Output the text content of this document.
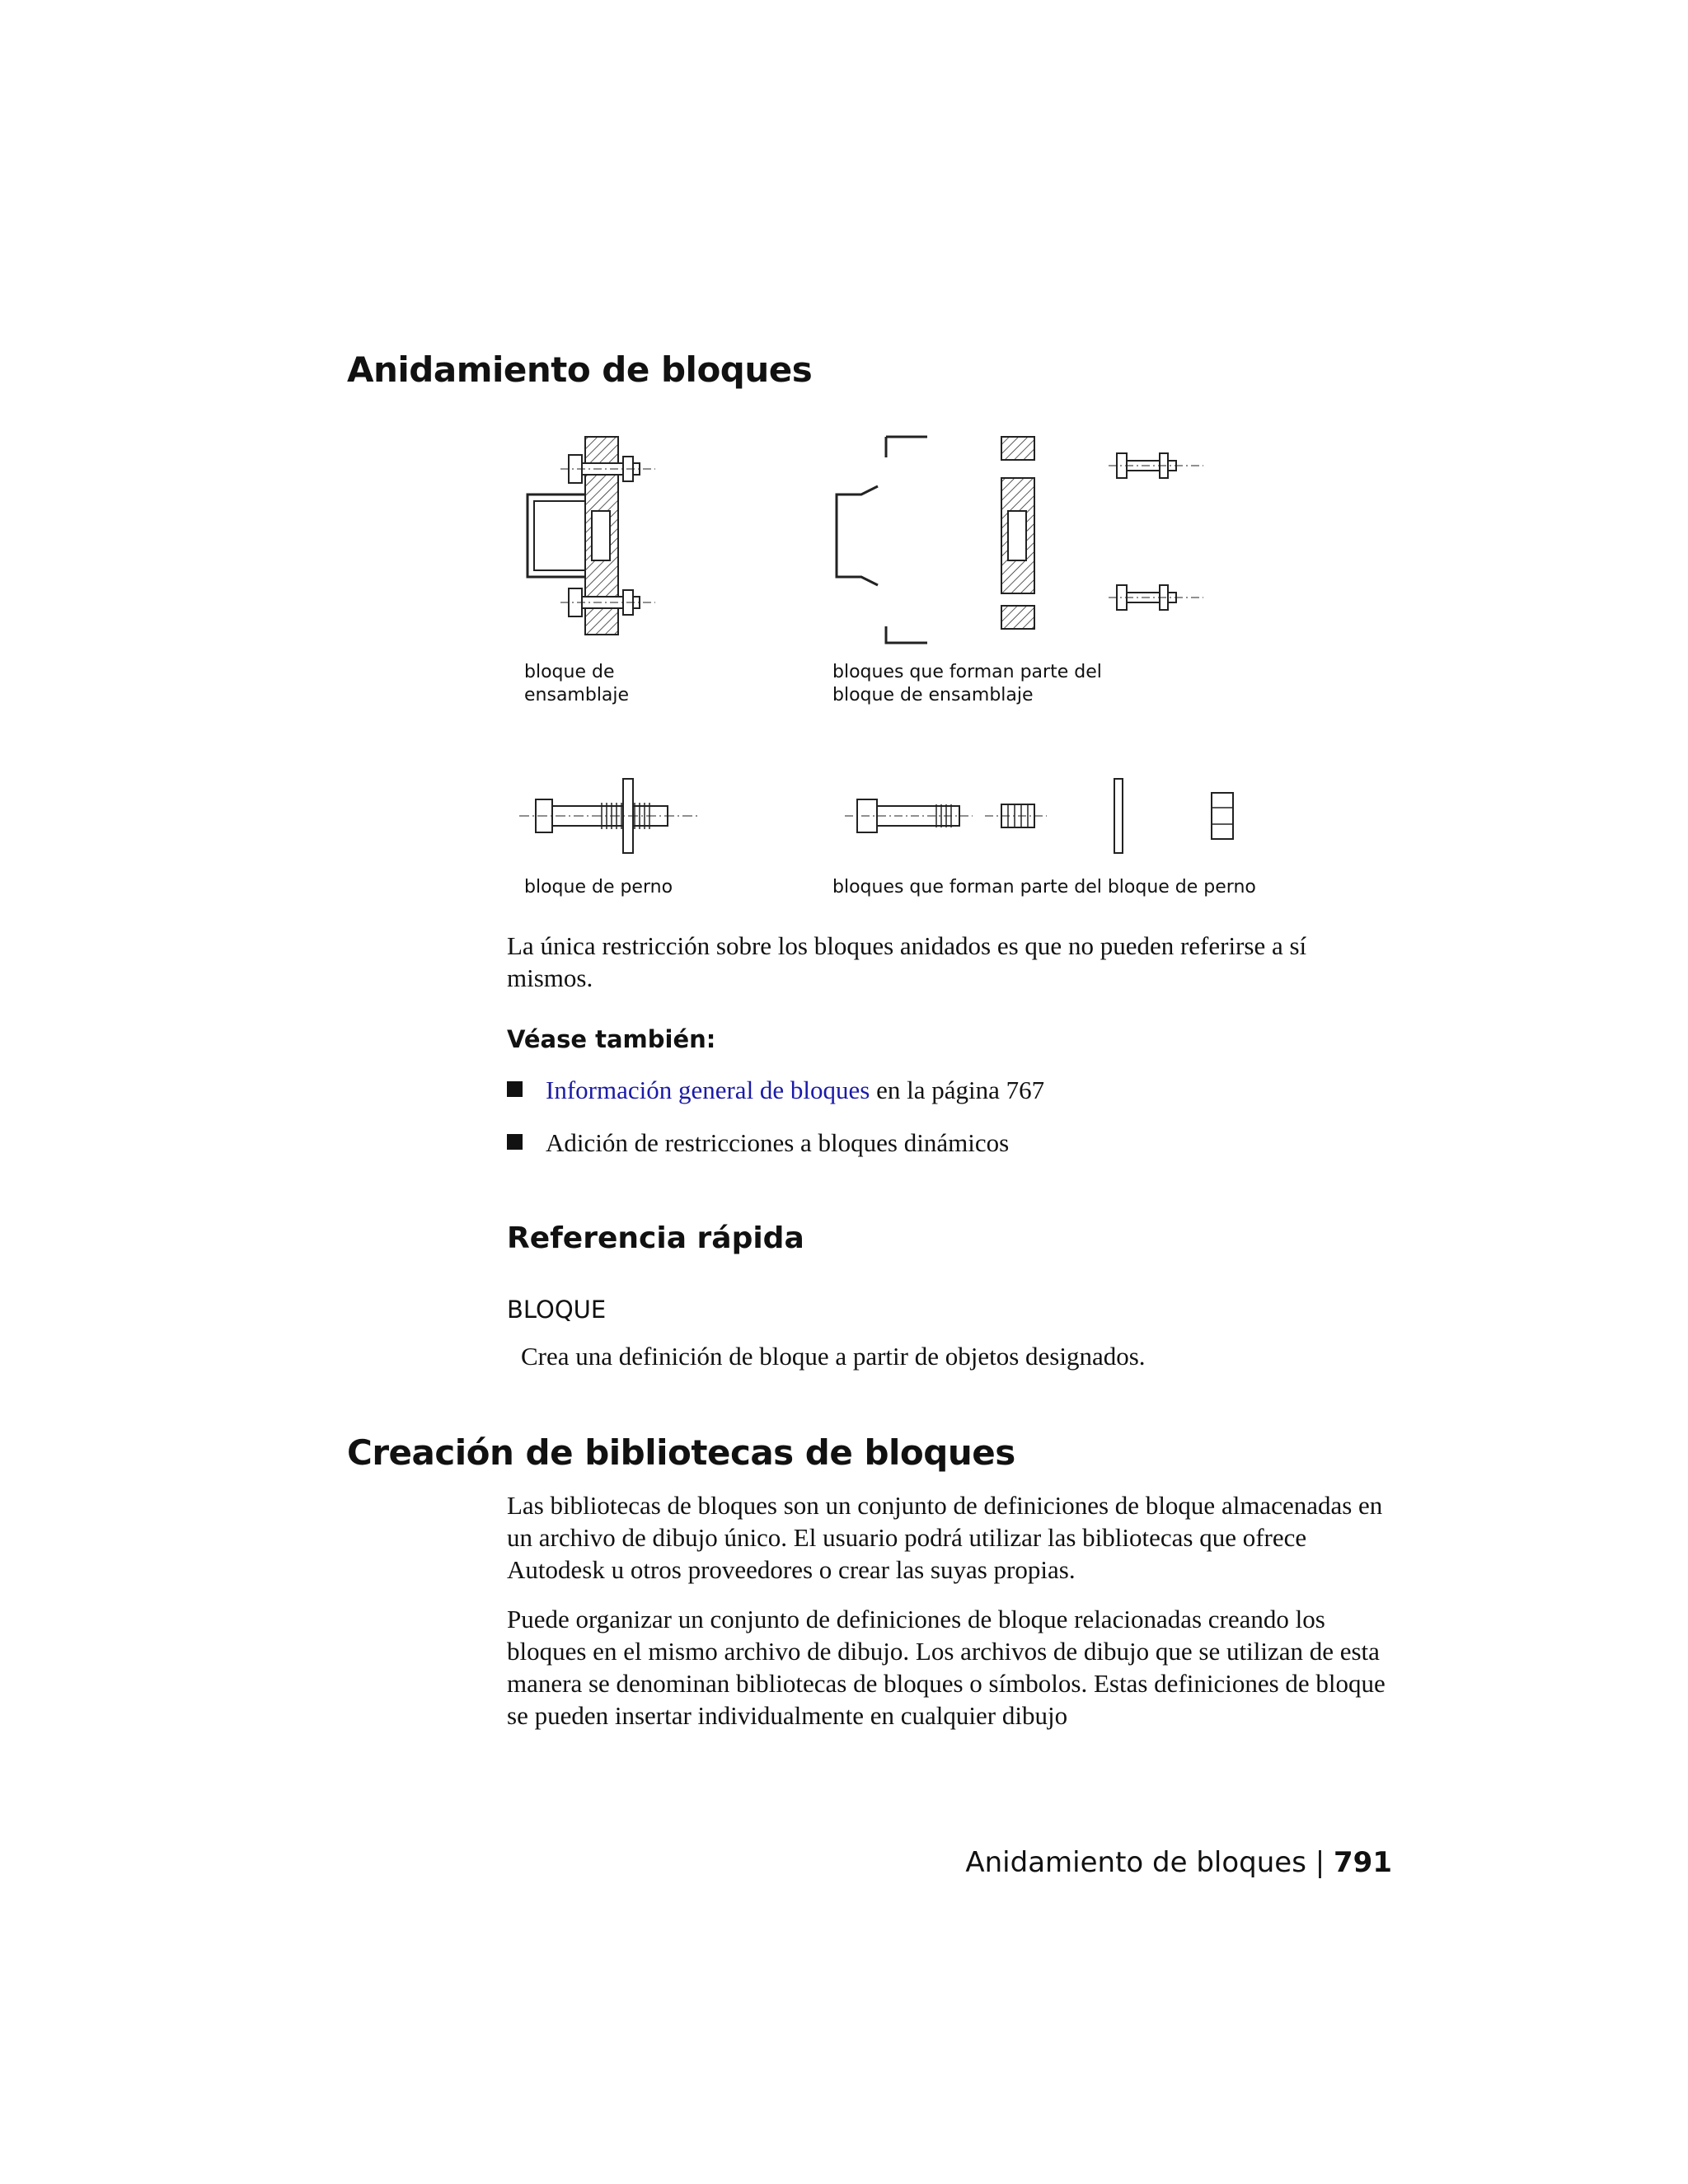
Anidamiento de bloques
bloque de
ensamblaje
bloques que forman parte del
bloque de ensamblaje
bloque de perno	bloques que forman parte del bloque de perno

La única restricción sobre los bloques anidados es que no pueden referirse a sí mismos.

Véase también:
Información general de bloques en la página 767
Adición de restricciones a bloques dinámicos
Referencia rápida
BLOQUE
Crea una definición de bloque a partir de objetos designados.
Creación de bibliotecas de bloques

Las bibliotecas de bloques son un conjunto de definiciones de bloque almacenadas en un archivo de dibujo único. El usuario podrá utilizar las bibliotecas que ofrece Autodesk u otros proveedores o crear las suyas propias.

Puede organizar un conjunto de definiciones de bloque relacionadas creando los bloques en el mismo archivo de dibujo. Los archivos de dibujo que se utilizan de esta manera se denominan bibliotecas de bloques o símbolos. Estas definiciones de bloque se pueden insertar individualmente en cualquier dibujo

Anidamiento de bloques | 791
